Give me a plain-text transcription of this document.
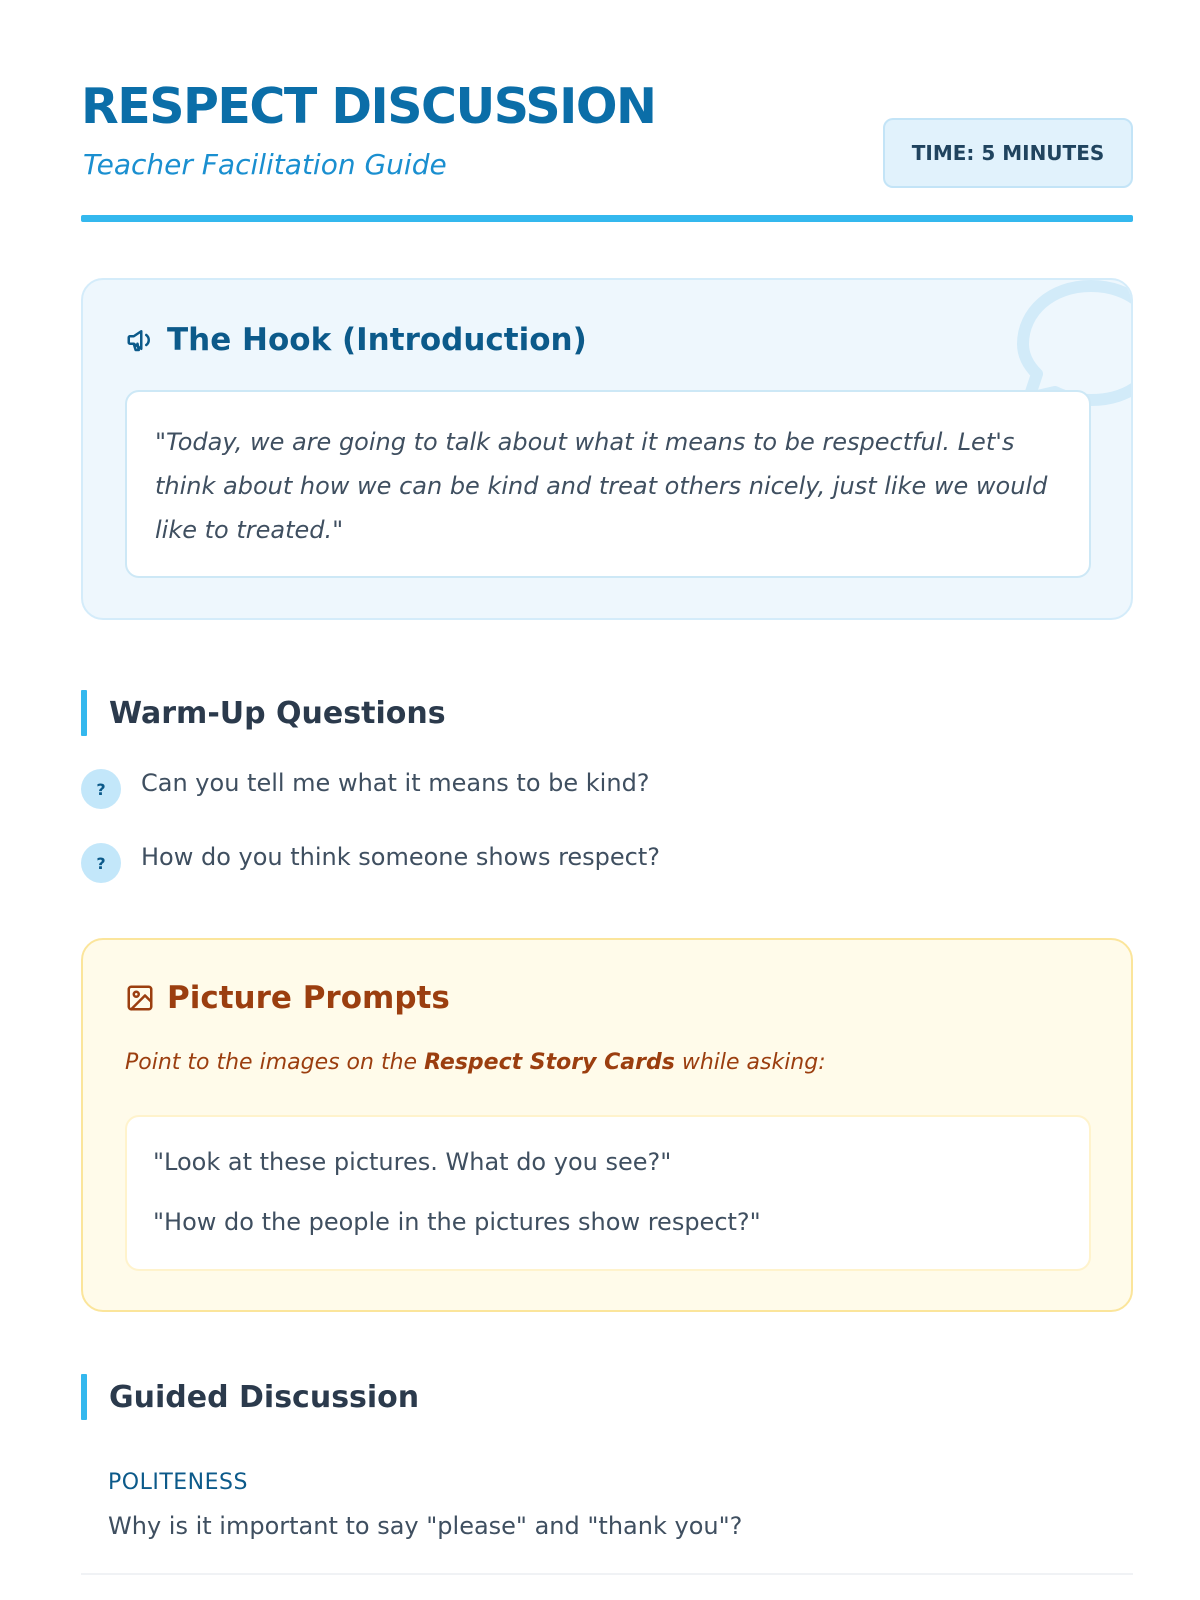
RESPECT DISCUSSION
Teacher Facilitation Guide	TIME: 5 MINUTES
The Hook (Introduction)
"Today, we are going to talk about what it means to be respectful. Let's think about how we can be kind and treat others nicely, just like we would like to treat​ed."
Warm-Up Questions
?	Can you tell me what it means to be kind?
?	How do you think someone shows respect?
Picture Prompts
Point to the images on the Respect Story Cards while asking:
"Look at these pictures. What do you see?"
"How do the people in the pictures show respect?"
Guided Discussion
POLITENESS
Why is it important to say "please" and "thank you"?
